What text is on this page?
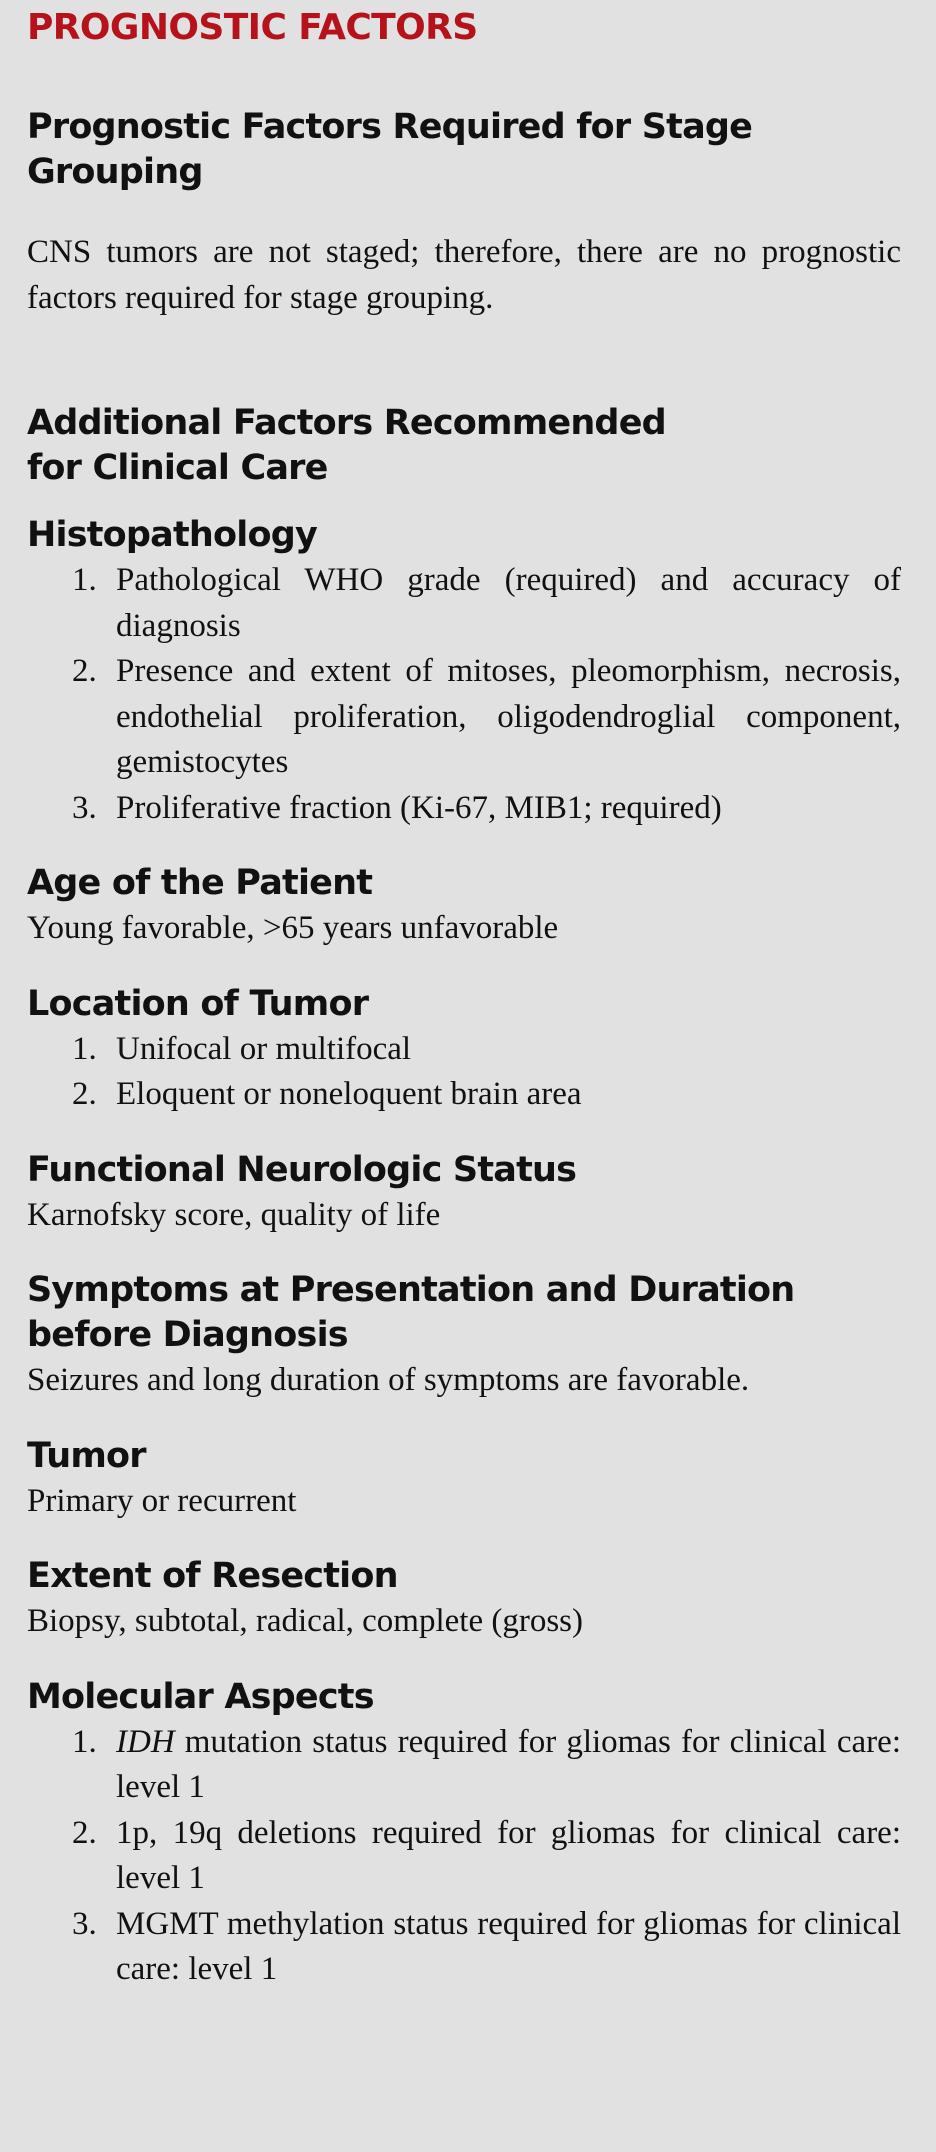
PROGNOSTIC FACTORS
Prognostic Factors Required for Stage
Grouping

CNS tumors are not staged; therefore, there are no prognostic factors required for stage grouping.

Additional Factors Recommended
for Clinical Care
Histopathology
1. Pathological WHO grade (required) and accuracy of diagnosis
2. Presence and extent of mitoses, pleomorphism, necrosis, endothelial proliferation, oligodendroglial component, gemistocytes
3. Proliferative fraction (Ki-67, MIB1; required)
Age of the Patient

Young favorable, >65 years unfavorable

Location of Tumor
1. Unifocal or multifocal
2. Eloquent or noneloquent brain area
Functional Neurologic Status

Karnofsky score, quality of life

Symptoms at Presentation and Duration
before Diagnosis

Seizures and long duration of symptoms are favorable.

Tumor

Primary or recurrent

Extent of Resection

Biopsy, subtotal, radical, complete (gross)

Molecular Aspects
1. IDH mutation status required for gliomas for clinical care: level 1
2. 1p, 19q deletions required for gliomas for clinical care: level 1
3. MGMT methylation status required for gliomas for clinical care: level 1
